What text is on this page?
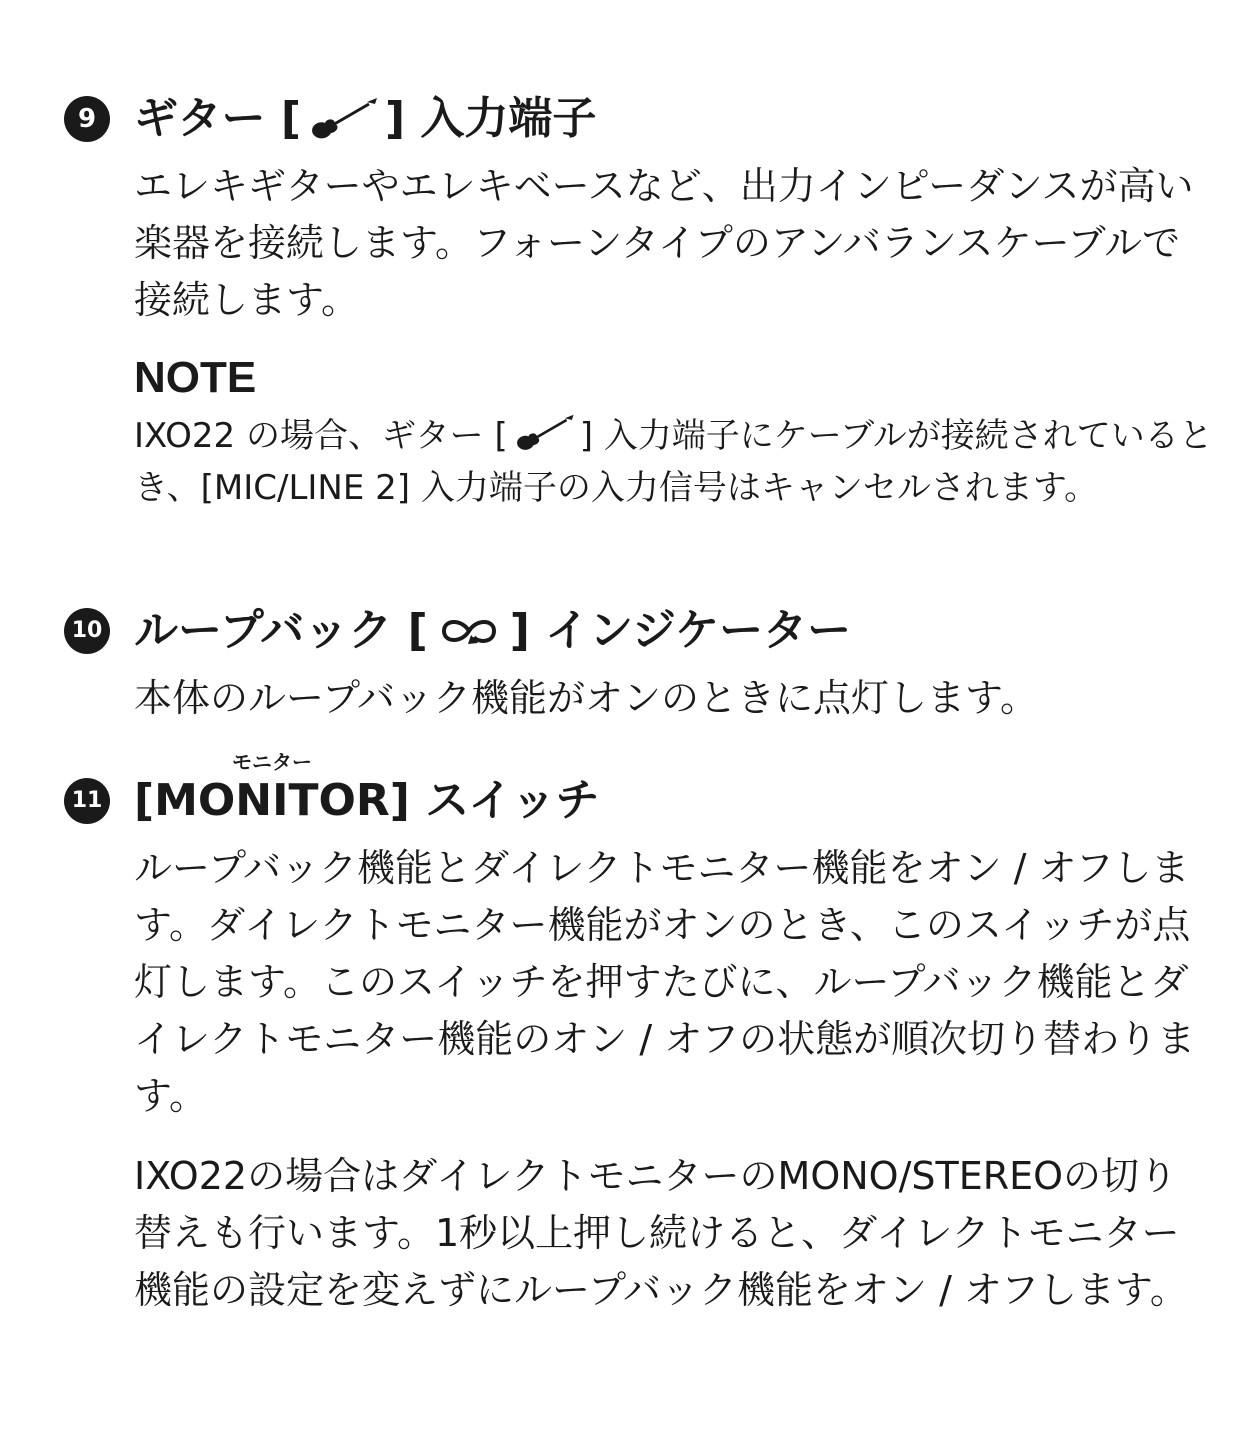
9 ギター [ ] 入力端子
エレキギターやエレキベースなど、出力インピーダンスが高い楽器を接続します。フォーンタイプのアンバランスケーブルで接続します。
NOTE
IXO22 の場合、ギター [ ] 入力端子にケーブルが接続されているとき、[MIC/LINE 2] 入力端子の入力信号はキャンセルされます。
10 ループバック [ ] インジケーター
本体のループバック機能がオンのときに点灯します。
モニター
11 [MONITOR] スイッチ
ループバック機能とダイレクトモニター機能をオン / オフします。ダイレクトモニター機能がオンのとき、このスイッチが点灯します。このスイッチを押すたびに、ループバック機能とダイレクトモニター機能のオン / オフの状態が順次切り替わります。
IXO22の場合はダイレクトモニターのMONO/STEREOの切り替えも行います。1秒以上押し続けると、ダイレクトモニター機能の設定を変えずにループバック機能をオン / オフします。
